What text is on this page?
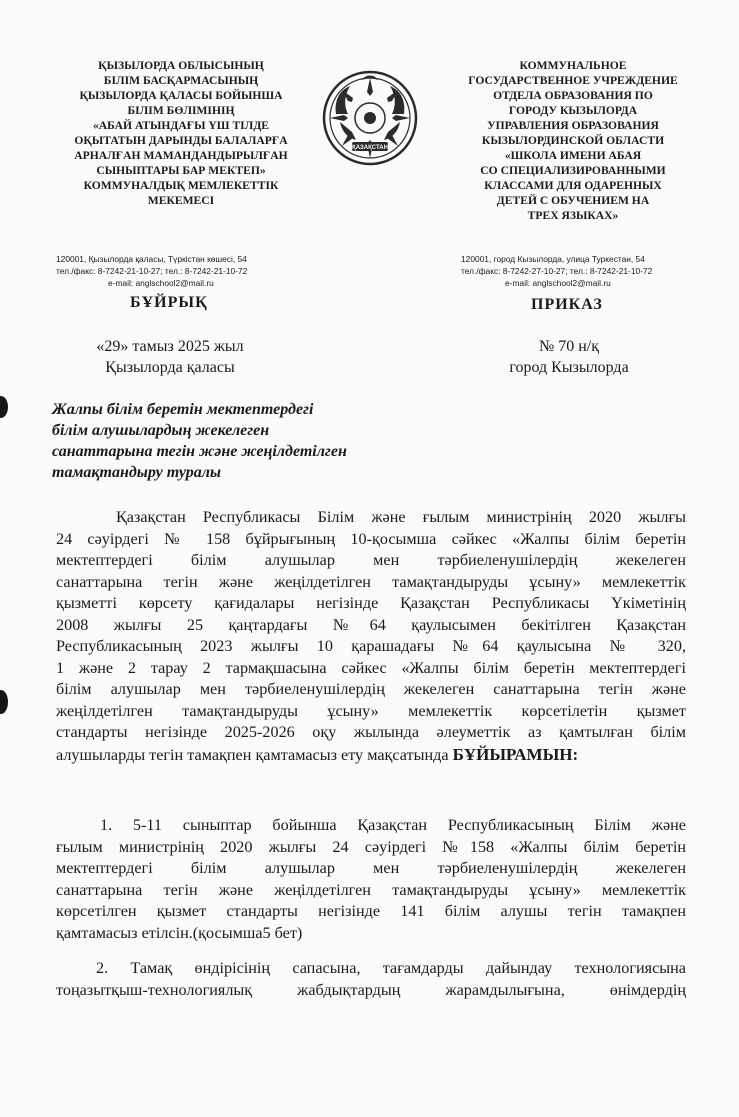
ҚЫЗЫЛОРДА ОБЛЫСЫНЫҢ
БІЛІМ БАСҚАРМАСЫНЫҢ
ҚЫЗЫЛОРДА ҚАЛАСЫ БОЙЫНША
БІЛІМ БӨЛІМІНІҢ
«АБАЙ АТЫНДАҒЫ ҮШ ТІЛДЕ
ОҚЫТАТЫН ДАРЫНДЫ БАЛАЛАРҒА
АРНАЛҒАН МАМАНДАНДЫРЫЛҒАН
СЫНЫПТАРЫ БАР МЕКТЕП»
КОММУНАЛДЫҚ МЕМЛЕКЕТТІК
МЕКЕМЕСІ
ҚАЗАҚСТАН
КОММУНАЛЬНОЕ
ГОСУДАРСТВЕННОЕ УЧРЕЖДЕНИЕ
ОТДЕЛА ОБРАЗОВАНИЯ ПО
ГОРОДУ КЫЗЫЛОРДА
УПРАВЛЕНИЯ ОБРАЗОВАНИЯ
КЫЗЫЛОРДИНСКОЙ ОБЛАСТИ
«ШКОЛА ИМЕНИ АБАЯ
СО СПЕЦИАЛИЗИРОВАННЫМИ
КЛАССАМИ ДЛЯ ОДАРЕННЫХ
ДЕТЕЙ С ОБУЧЕНИЕМ НА
ТРЕХ ЯЗЫКАХ»
120001, Қызылорда қаласы, Түркістан көшесі, 54
тел./факс: 8-7242-21-10-27; тел.: 8-7242-21-10-72
e-mail: anglschool2@mail.ru
120001, город Кызылорда, улица Туркестан, 54
тел./факс: 8-7242-27-10-27; тел.: 8-7242-21-10-72
e-mail: anglschool2@mail.ru
БҰЙРЫҚ	ПРИКАЗ
«29» тамыз 2025 жыл
Қызылорда қаласы
№ 70 н/қ
город Кызылорда
Жалпы білім беретін мектептердегі
білім алушылардың жекелеген
санаттарына тегін және жеңілдетілген
тамақтандыру туралы
Қазақстан Республикасы Білім және ғылым министрінің 2020 жылғы
24 сәуірдегі № 158 бұйрығының 10-қосымша сәйкес «Жалпы білім беретін
мектептердегі білім алушылар мен тәрбиеленушілердің жекелеген
санаттарына тегін және жеңілдетілген тамақтандыруды ұсыну» мемлекеттік
қызметті көрсету қағидалары негізінде Қазақстан Республикасы Үкіметінің
2008 жылғы 25 қаңтардағы №64 қаулысымен бекітілген Қазақстан
Республикасының 2023 жылғы 10 қарашадағы №64 қаулысына № 320,
1 және 2 тарау 2 тармақшасына сәйкес «Жалпы білім беретін мектептердегі
білім алушылар мен тәрбиеленушілердің жекелеген санаттарына тегін және
жеңілдетілген тамақтандыруды ұсыну» мемлекеттік көрсетілетін қызмет
стандарты негізінде 2025-2026 оқу жылында әлеуметтік аз қамтылған білім
алушыларды тегін тамақпен қамтамасыз ету мақсатында БҰЙЫРАМЫН:
1. 5-11 сыныптар бойынша Қазақстан Республикасының Білім және
ғылым министрінің 2020 жылғы 24 сәуірдегі №158 «Жалпы білім беретін
мектептердегі білім алушылар мен тәрбиеленушілердің жекелеген
санаттарына тегін және жеңілдетілген тамақтандыруды ұсыну» мемлекеттік
көрсетілген қызмет стандарты негізінде 141 білім алушы тегін тамақпен
қамтамасыз етілсін.(қосымша5 бет)
2. Тамақ өндірісінің сапасына, тағамдарды дайындау технологиясына
тоңазытқыш-технологиялық жабдықтардың жарамдылығына, өнімдердің
